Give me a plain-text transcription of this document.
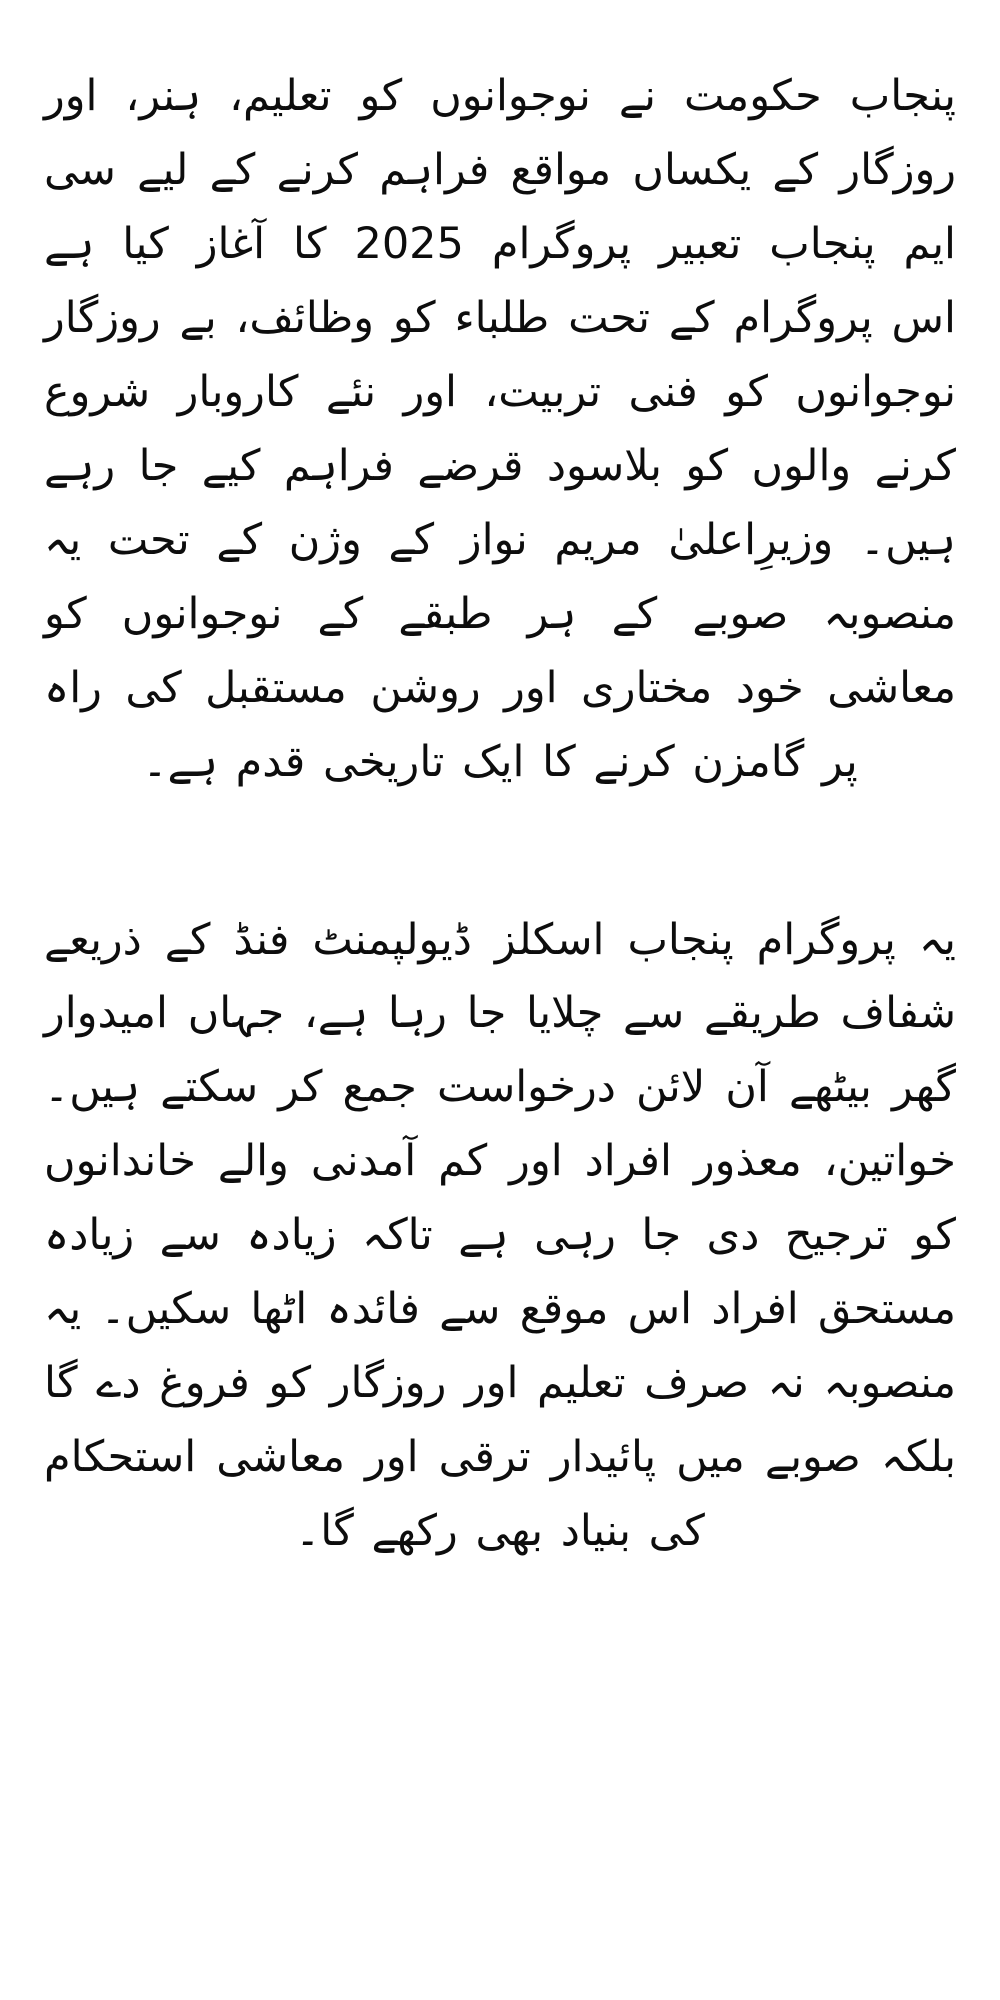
پنجاب حکومت نے نوجوانوں کو تعلیم، ہنر، اور روزگار کے یکساں مواقع فراہم کرنے کے لیے سی ایم پنجاب تعبیر پروگرام 2025 کا آغاز کیا ہے اس پروگرام کے تحت طلباء کو وظائف، بے روزگار نوجوانوں کو فنی تربیت، اور نئے کاروبار شروع کرنے والوں کو بلاسود قرضے فراہم کیے جا رہے ہیں۔ وزیرِاعلیٰ مریم نواز کے وژن کے تحت یہ منصوبہ صوبے کے ہر طبقے کے نوجوانوں کو معاشی خود مختاری اور روشن مستقبل کی راہ پر گامزن کرنے کا ایک تاریخی قدم ہے۔

یہ پروگرام پنجاب اسکلز ڈیولپمنٹ فنڈ کے ذریعے شفاف طریقے سے چلایا جا رہا ہے، جہاں امیدوار گھر بیٹھے آن لائن درخواست جمع کر سکتے ہیں۔ خواتین، معذور افراد اور کم آمدنی والے خاندانوں کو ترجیح دی جا رہی ہے تاکہ زیادہ سے زیادہ مستحق افراد اس موقع سے فائدہ اٹھا سکیں۔ یہ منصوبہ نہ صرف تعلیم اور روزگار کو فروغ دے گا بلکہ صوبے میں پائیدار ترقی اور معاشی استحکام کی بنیاد بھی رکھے گا۔
